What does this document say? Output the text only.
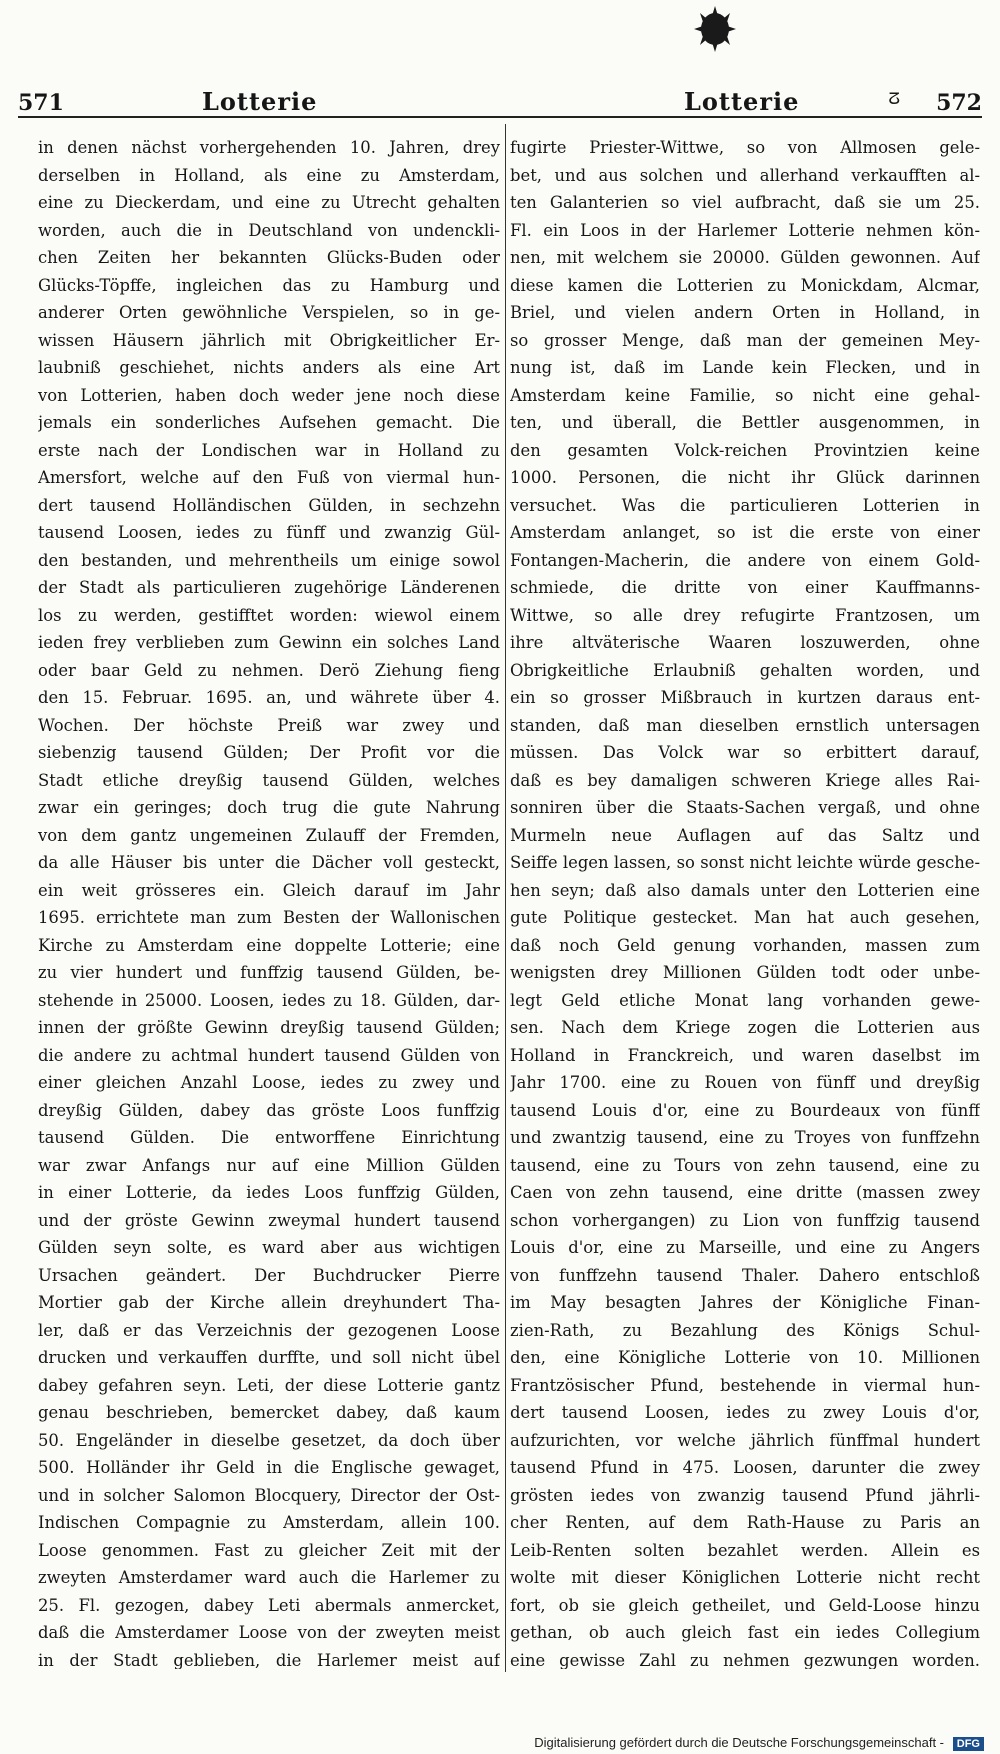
571	Lotterie	Lotterie	ⵒ 572
in denen nächst vorhergehenden 10. Jahren, drey
derselben in Holland, als eine zu Amsterdam,
eine zu Dieckerdam, und eine zu Utrecht gehalten
worden, auch die in Deutschland von undenckli-
chen Zeiten her bekannten Glücks-Buden oder
Glücks-Töpffe, ingleichen das zu Hamburg und
anderer Orten gewöhnliche Verspielen, so in ge-
wissen Häusern jährlich mit Obrigkeitlicher Er-
laubniß geschiehet, nichts anders als eine Art
von Lotterien, haben doch weder jene noch diese
jemals ein sonderliches Aufsehen gemacht. Die
erste nach der Londischen war in Holland zu
Amersfort, welche auf den Fuß von viermal hun-
dert tausend Holländischen Gülden, in sechzehn
tausend Loosen, iedes zu fünff und zwanzig Gül-
den bestanden, und mehrentheils um einige sowol
der Stadt als particulieren zugehörige Länderenen
los zu werden, gestifftet worden: wiewol einem
ieden frey verblieben zum Gewinn ein solches Land
oder baar Geld zu nehmen. Derö Ziehung fieng
den 15. Februar. 1695. an, und währete über 4.
Wochen. Der höchste Preiß war zwey und
siebenzig tausend Gülden; Der Profit vor die
Stadt etliche dreyßig tausend Gülden, welches
zwar ein geringes; doch trug die gute Nahrung
von dem gantz ungemeinen Zulauff der Fremden,
da alle Häuser bis unter die Dächer voll gesteckt,
ein weit grösseres ein. Gleich darauf im Jahr
1695. errichtete man zum Besten der Wallonischen
Kirche zu Amsterdam eine doppelte Lotterie; eine
zu vier hundert und funffzig tausend Gülden, be-
stehende in 25000. Loosen, iedes zu 18. Gülden, dar-
innen der größte Gewinn dreyßig tausend Gülden;
die andere zu achtmal hundert tausend Gülden von
einer gleichen Anzahl Loose, iedes zu zwey und
dreyßig Gülden, dabey das gröste Loos funffzig
tausend Gülden. Die entworffene Einrichtung
war zwar Anfangs nur auf eine Million Gülden
in einer Lotterie, da iedes Loos funffzig Gülden,
und der gröste Gewinn zweymal hundert tausend
Gülden seyn solte, es ward aber aus wichtigen
Ursachen geändert. Der Buchdrucker Pierre
Mortier gab der Kirche allein dreyhundert Tha-
ler, daß er das Verzeichnis der gezogenen Loose
drucken und verkauffen durffte, und soll nicht übel
dabey gefahren seyn. Leti, der diese Lotterie gantz
genau beschrieben, bemercket dabey, daß kaum
50. Engeländer in dieselbe gesetzet, da doch über
500. Holländer ihr Geld in die Englische gewaget,
und in solcher Salomon Blocquery, Director der Ost-
Indischen Compagnie zu Amsterdam, allein 100.
Loose genommen. Fast zu gleicher Zeit mit der
zweyten Amsterdamer ward auch die Harlemer zu
25. Fl. gezogen, dabey Leti abermals anmercket,
daß die Amsterdamer Loose von der zweyten meist
in der Stadt geblieben, die Harlemer meist auf
fugirte Priester-Wittwe, so von Allmosen gele-
bet, und aus solchen und allerhand verkaufften al-
ten Galanterien so viel aufbracht, daß sie um 25.
Fl. ein Loos in der Harlemer Lotterie nehmen kön-
nen, mit welchem sie 20000. Gülden gewonnen. Auf
diese kamen die Lotterien zu Monickdam, Alcmar,
Briel, und vielen andern Orten in Holland, in
so grosser Menge, daß man der gemeinen Mey-
nung ist, daß im Lande kein Flecken, und in
Amsterdam keine Familie, so nicht eine gehal-
ten, und überall, die Bettler ausgenommen, in
den gesamten Volck-reichen Provintzien keine
1000. Personen, die nicht ihr Glück darinnen
versuchet. Was die particulieren Lotterien in
Amsterdam anlanget, so ist die erste von einer
Fontangen-Macherin, die andere von einem Gold-
schmiede, die dritte von einer Kauffmanns-
Wittwe, so alle drey refugirte Frantzosen, um
ihre altväterische Waaren loszuwerden, ohne
Obrigkeitliche Erlaubniß gehalten worden, und
ein so grosser Mißbrauch in kurtzen daraus ent-
standen, daß man dieselben ernstlich untersagen
müssen. Das Volck war so erbittert darauf,
daß es bey damaligen schweren Kriege alles Rai-
sonniren über die Staats-Sachen vergaß, und ohne
Murmeln neue Auflagen auf das Saltz und
Seiffe legen lassen, so sonst nicht leichte würde gesche-
hen seyn; daß also damals unter den Lotterien eine
gute Politique gestecket. Man hat auch gesehen,
daß noch Geld genung vorhanden, massen zum
wenigsten drey Millionen Gülden todt oder unbe-
legt Geld etliche Monat lang vorhanden gewe-
sen. Nach dem Kriege zogen die Lotterien aus
Holland in Franckreich, und waren daselbst im
Jahr 1700. eine zu Rouen von fünff und dreyßig
tausend Louis d'or, eine zu Bourdeaux von fünff
und zwantzig tausend, eine zu Troyes von funffzehn
tausend, eine zu Tours von zehn tausend, eine zu
Caen von zehn tausend, eine dritte (massen zwey
schon vorhergangen) zu Lion von funffzig tausend
Louis d'or, eine zu Marseille, und eine zu Angers
von funffzehn tausend Thaler. Dahero entschloß
im May besagten Jahres der Königliche Finan-
zien-Rath, zu Bezahlung des Königs Schul-
den, eine Königliche Lotterie von 10. Millionen
Frantzösischer Pfund, bestehende in viermal hun-
dert tausend Loosen, iedes zu zwey Louis d'or,
aufzurichten, vor welche jährlich fünffmal hundert
tausend Pfund in 475. Loosen, darunter die zwey
grösten iedes von zwanzig tausend Pfund jährli-
cher Renten, auf dem Rath-Hause zu Paris an
Leib-Renten solten bezahlet werden. Allein es
wolte mit dieser Königlichen Lotterie nicht recht
fort, ob sie gleich getheilet, und Geld-Loose hinzu
gethan, ob auch gleich fast ein iedes Collegium
eine gewisse Zahl zu nehmen gezwungen worden.
Digitalisierung gefördert durch die Deutsche Forschungsgemeinschaft -	DFG
